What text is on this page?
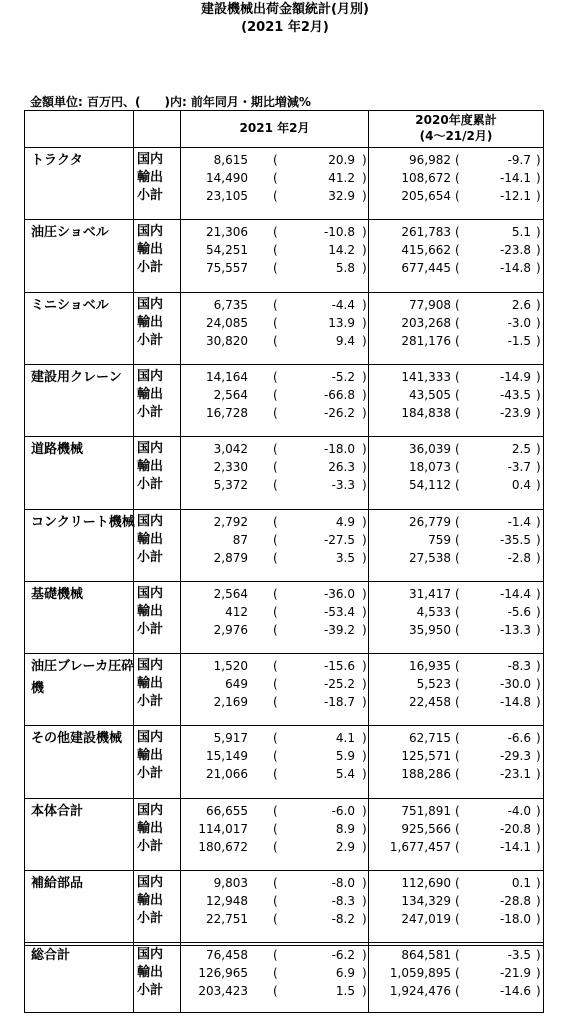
建設機械出荷金額統計(月別)
(2021 年2月)
金額単位: 百万円、(　　)内: 前年同月・期比増減%
2021 年2月
2020年度累計
(4～21/2月)
トラクタ	国内	8,615 (	20.9 )	96,982 (	-9.7 )
輸出	14,490 (	41.2 )	108,672 (	-14.1 )
小計	23,105 (	32.9 )	205,654 (	-12.1 )
油圧ショベル	国内	21,306 (	-10.8 )	261,783 (	5.1 )
輸出	54,251 (	14.2 )	415,662 (	-23.8 )
小計	75,557 (	5.8 )	677,445 (	-14.8 )
ミニショベル	国内	6,735 (	-4.4 )	77,908 (	2.6 )
輸出	24,085 (	13.9 )	203,268 (	-3.0 )
小計	30,820 (	9.4 )	281,176 (	-1.5 )
建設用クレーン	国内	14,164 (	-5.2 )	141,333 (	-14.9 )
輸出	2,564 (	-66.8 )	43,505 (	-43.5 )
小計	16,728 (	-26.2 )	184,838 (	-23.9 )
道路機械	国内	3,042 (	-18.0 )	36,039 (	2.5 )
輸出	2,330 (	26.3 )	18,073 (	-3.7 )
小計	5,372 (	-3.3 )	54,112 (	0.4 )
コンクリート機械 国内	2,792 (	4.9 )	26,779 (	-1.4 )
輸出	87 (	-27.5 )	759 (	-35.5 )
小計	2,879 (	3.5 )	27,538 (	-2.8 )
基礎機械	国内	2,564 (	-36.0 )	31,417 (	-14.4 )
輸出	412 (	-53.4 )	4,533 (	-5.6 )
小計	2,976 (	-39.2 )	35,950 (	-13.3 )
油圧ブレーカ圧砕機
国内	1,520 (	-15.6 )	16,935 (	-8.3 )
輸出	649 (	-25.2 )	5,523 (	-30.0 )
小計	2,169 (	-18.7 )	22,458 (	-14.8 )
その他建設機械	国内	5,917 (	4.1 )	62,715 (	-6.6 )
輸出	15,149 (	5.9 )	125,571 (	-29.3 )
小計	21,066 (	5.4 )	188,286 (	-23.1 )
本体合計	国内	66,655 (	-6.0 )	751,891 (	-4.0 )
輸出	114,017 (	8.9 )	925,566 (	-20.8 )
小計	180,672 (	2.9 ) 1,677,457 (	-14.1 )
補給部品	国内	9,803 (	-8.0 )	112,690 (	0.1 )
輸出	12,948 (	-8.3 )	134,329 (	-28.8 )
小計	22,751 (	-8.2 )	247,019 (	-18.0 )
総合計	国内	76,458 (	-6.2 )	864,581 (	-3.5 )
輸出	126,965 (	6.9 ) 1,059,895 (	-21.9 )
小計	203,423 (	1.5 ) 1,924,476 (	-14.6 )
